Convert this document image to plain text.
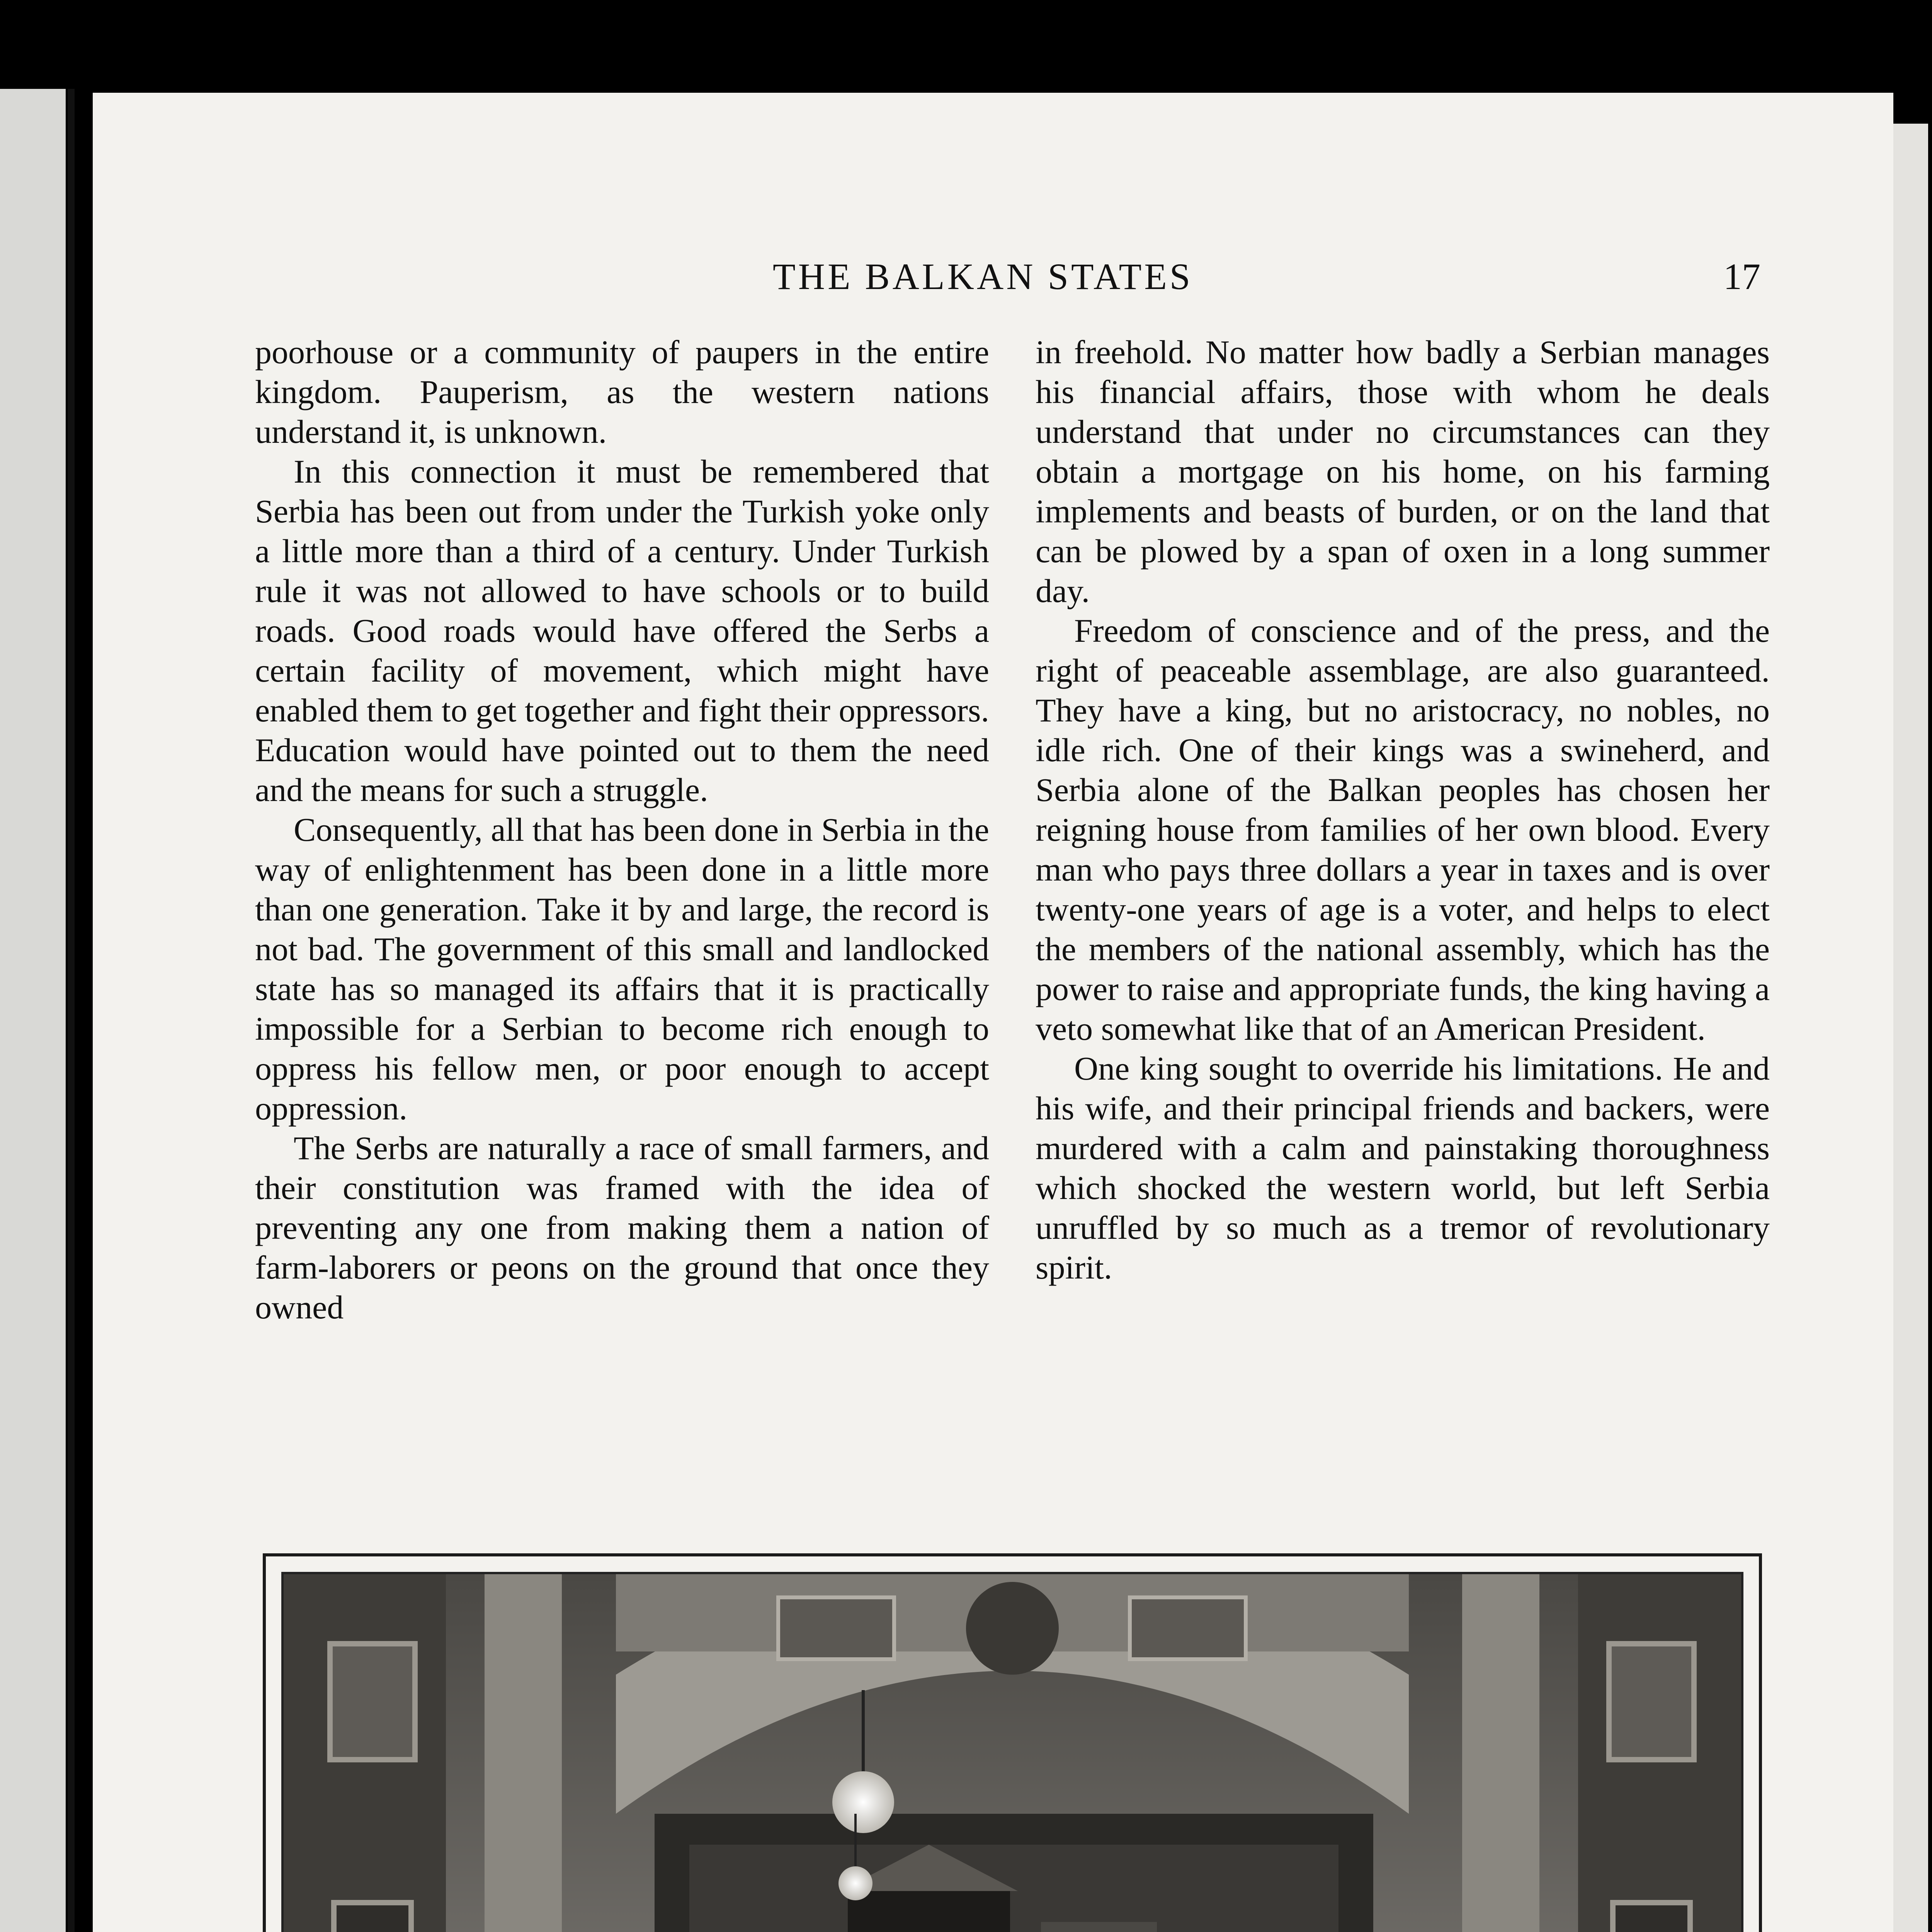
THE BALKAN STATES	17

poorhouse or a community of paupers in the entire kingdom. Pauperism, as the western nations understand it, is unknown.

In this connection it must be remembered that Serbia has been out from under the Turkish yoke only a little more than a third of a century. Under Turkish rule it was not allowed to have schools or to build roads. Good roads would have offered the Serbs a certain facility of movement, which might have enabled them to get together and fight their oppressors. Education would have pointed out to them the need and the means for such a struggle.

Consequently, all that has been done in Serbia in the way of enlightenment has been done in a little more than one generation. Take it by and large, the record is not bad. The government of this small and landlocked state has so managed its affairs that it is practically impossible for a Serbian to become rich enough to oppress his fellow men, or poor enough to accept oppression.

The Serbs are naturally a race of small farmers, and their constitution was framed with the idea of preventing any one from making them a nation of farm-laborers or peons on the ground that once they owned

in freehold. No matter how badly a Serbian manages his financial affairs, those with whom he deals understand that under no circumstances can they obtain a mortgage on his home, on his farming implements and beasts of burden, or on the land that can be plowed by a span of oxen in a long summer day.

Freedom of conscience and of the press, and the right of peaceable assemblage, are also guaranteed. They have a king, but no aristocracy, no nobles, no idle rich. One of their kings was a swineherd, and Serbia alone of the Balkan peoples has chosen her reigning house from families of her own blood. Every man who pays three dollars a year in taxes and is over twenty-one years of age is a voter, and helps to elect the members of the national assembly, which has the power to raise and appropriate funds, the king having a veto somewhat like that of an American President.

One king sought to override his limitations. He and his wife, and their principal friends and backers, were murdered with a calm and painstaking thoroughness which shocked the western world, but left Serbia unruffled by so much as a tremor of revolutionary spirit.
